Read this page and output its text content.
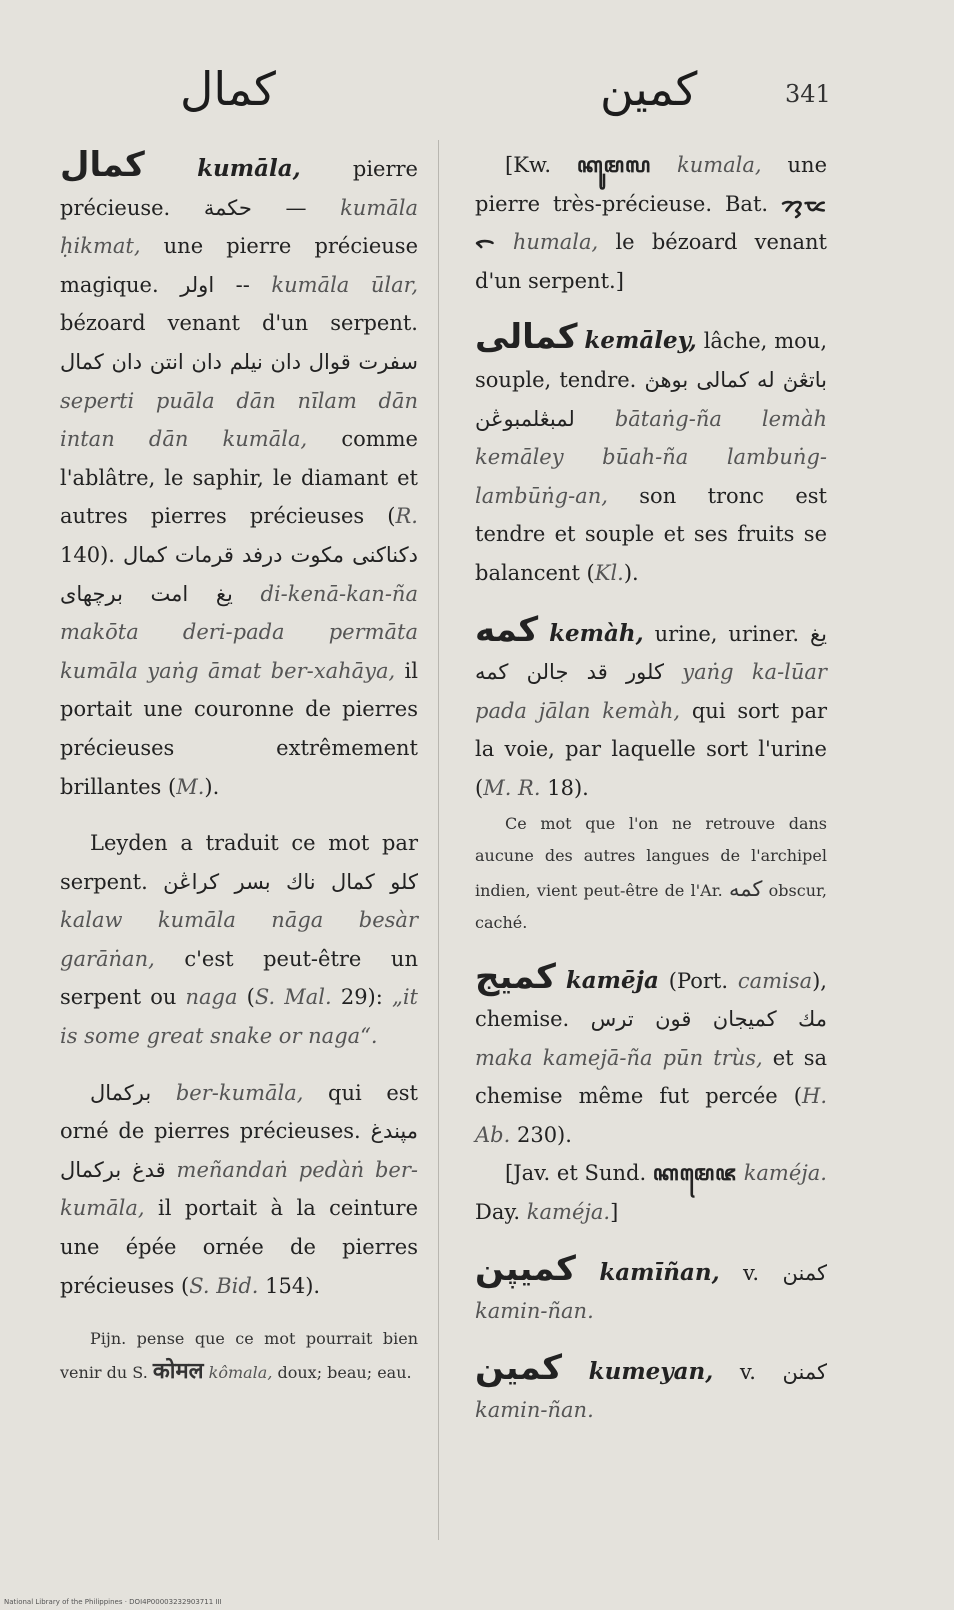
كمال	كمين	341

كمال kumāla, pierre précieuse. حكمة — kumāla ḥikmat, une pierre précieuse magique. اولر -- kumāla ūlar, bézoard venant d'un serpent. سفرت قوال دان نيلم دان انتن دان كمال seperti puāla dān nīlam dān intan dān kumāla, comme l'ablâtre, le saphir, le diamant et autres pierres précieuses (R. 140). دكناكنى مكوت درفد قرمات كمال يغ امت برچهاى di-kenā-kan-ña makōta deri-pada permāta kumāla yaṅg āmat ber-xahāya, il portait une couronne de pierres précieuses extrêmement brillantes (M.).

Leyden a traduit ce mot par serpent. كلو كمال ناك بسر كراڠن kalaw kumāla nāga besàr garāṅan, c'est peut-être un serpent ou naga (S. Mal. 29): „it is some great snake or naga“.

بركمال ber-kumāla, qui est orné de pierres précieuses. مڽندغ قدغ بركمال meñandaṅ pedàṅ ber-kumāla, il portait à la ceinture une épée ornée de pierres précieuses (S. Bid. 154).

Pijn. pense que ce mot pourrait bien venir du S. कोमल kômala, doux; beau; eau.

[Kw. ꦏꦸꦩꦭ kumala, une pierre très-précieuse. Bat. ᯂᯮᯔᯞ humala, le bézoard venant d'un serpent.]

كمالى kemāley, lâche, mou, souple, tendre. باتڠڽ له كمالى بوهڽ لمبڠلمبوڠن bātaṅg-ña lemàh kemāley būah-ña lambuṅg-lambūṅg-an, son tronc est tendre et souple et ses fruits se balancent (Kl.).

كمه kemàh, urine, uriner. يغ كلور قد جالن كمه yaṅg ka-lūar pada jālan kemàh, qui sort par la voie, par laquelle sort l'urine (M. R. 18).

Ce mot que l'on ne retrouve dans aucune des autres langues de l'archipel indien, vient peut-être de l'Ar. كمه obscur, caché.

كميج kamēja (Port. camisa), chemise. مك كميجان قون ترس maka kamejā-ña pūn trùs, et sa chemise même fut percée (H. Ab. 230).

[Jav. et Sund. ꦏꦩꦺꦗ kaméja. Day. kaméja.]

كميڽن kamīñan, v. كمنن kamin-ñan.

كمين kumeyan, v. كمنن kamin-ñan.

National Library of the Philippines · DOI4P00003232903711 III
